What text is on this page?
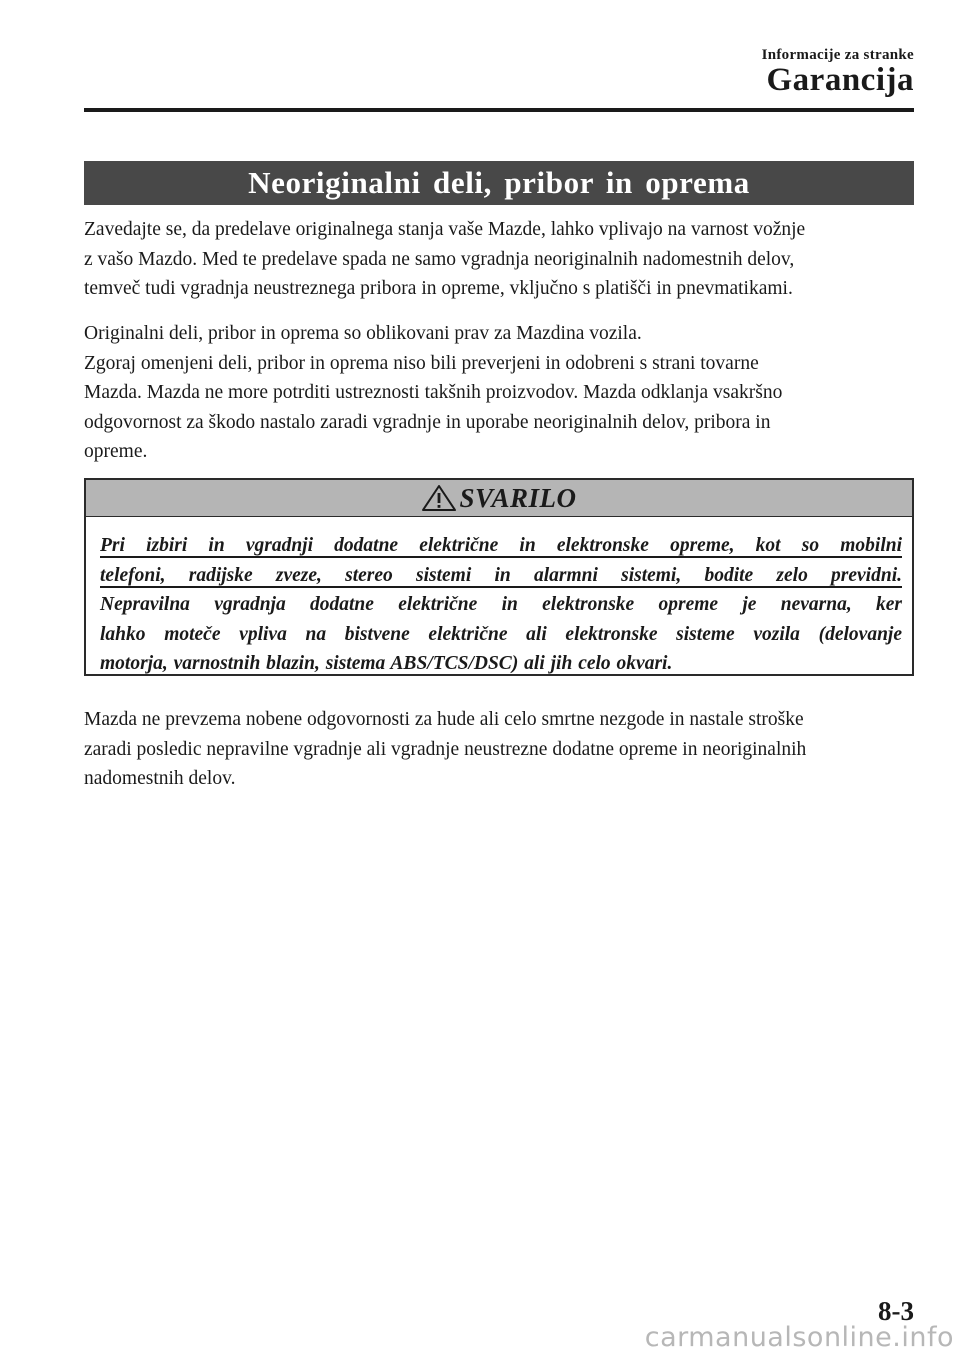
Informacije za stranke
Garancija
Neoriginalni deli, pribor in oprema

Zavedajte se, da predelave originalnega stanja vaše Mazde, lahko vplivajo na varnost vožnje
z vašo Mazdo. Med te predelave spada ne samo vgradnja neoriginalnih nadomestnih delov,
temveč tudi vgradnja neustreznega pribora in opreme, vključno s platišči in pnevmatikami.

Originalni deli, pribor in oprema so oblikovani prav za Mazdina vozila.
Zgoraj omenjeni deli, pribor in oprema niso bili preverjeni in odobreni s strani tovarne
Mazda. Mazda ne more potrditi ustreznosti takšnih proizvodov. Mazda odklanja vsakršno
odgovornost za škodo nastalo zaradi vgradnje in uporabe neoriginalnih delov, pribora in
opreme.

SVARILO
Pri izbiri in vgradnji dodatne električne in elektronske opreme, kot so mobilni
telefoni, radijske zveze, stereo sistemi in alarmni sistemi, bodite zelo previdni.
Nepravilna vgradnja dodatne električne in elektronske opreme je nevarna, ker
lahko moteče vpliva na bistvene električne ali elektronske sisteme vozila (delovanje
motorja, varnostnih blazin, sistema ABS/TCS/DSC) ali jih celo okvari.

Mazda ne prevzema nobene odgovornosti za hude ali celo smrtne nezgode in nastale stroške
zaradi posledic nepravilne vgradnje ali vgradnje neustrezne dodatne opreme in neoriginalnih
nadomestnih delov.

8-3
carmanualsonline.info
